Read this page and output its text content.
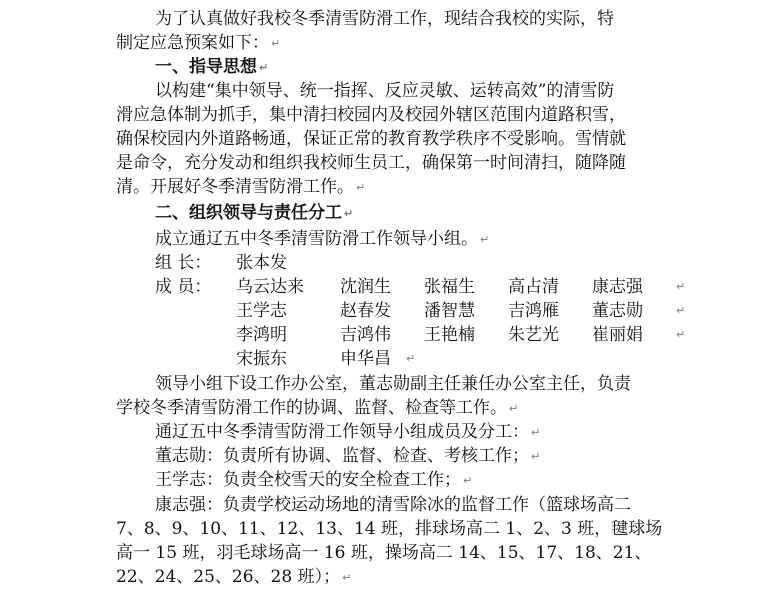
为了认真做好我校冬季清雪防滑工作，现结合我校的实际，特
制定应急预案如下： ↵
一、指导思想 ↵
以构建“集中领导、统一指挥、反应灵敏、运转高效”的清雪防
滑应急体制为抓手，集中清扫校园内及校园外辖区范围内道路积雪，
确保校园内外道路畅通，保证正常的教育教学秩序不受影响。雪情就
是命令，充分发动和组织我校师生员工，确保第一时间清扫，随降随
清。开展好冬季清雪防滑工作。 ↵
二、组织领导与责任分工 ↵
成立通辽五中冬季清雪防滑工作领导小组。 ↵
组 长： 张本发
成 员： 乌云达来 沈润生 张福生 高占清 康志强	↵
王学志	赵春发 潘智慧 吉鸿雁 董志勋	↵
李鸿明	吉鸿伟 王艳楠 朱艺光 崔丽娟	↵
宋振东	申华昌 ↵
领导小组下设工作办公室，董志勋副主任兼任办公室主任，负责
学校冬季清雪防滑工作的协调、监督、检查等工作。 ↵
通辽五中冬季清雪防滑工作领导小组成员及分工： ↵
董志勋：负责所有协调、监督、检查、考核工作； ↵
王学志：负责全校雪天的安全检查工作； ↵
康志强：负责学校运动场地的清雪除冰的监督工作（篮球场高二
7、8、9、10、11、12、13、14 班，排球场高二 1、2、3 班，毽球场
高一 15 班，羽毛球场高一 16 班，操场高二 14、15、17、18、21、
22、24、25、26、28 班）； ↵
